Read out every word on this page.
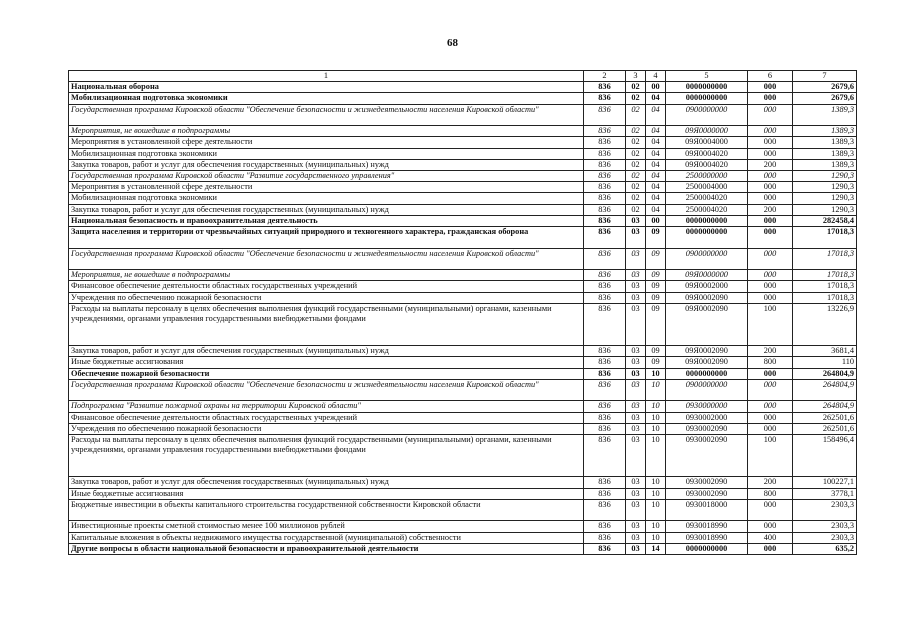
68
1	2	3	4	5	6	7
Национальная оборона	836	02	00	0000000000	000	2679,6
Мобилизационная подготовка экономики	836	02	04	0000000000	000	2679,6
Государственная программа Кировской области "Обеспечение безопасности и жизнедеятельности населения Кировской области"	836	02	04	0900000000	000	1389,3
Мероприятия, не вошедшие в подпрограммы	836	02	04	09Я0000000	000	1389,3
Мероприятия в установленной сфере деятельности	836	02	04	09Я0004000	000	1389,3
Мобилизационная подготовка экономики	836	02	04	09Я0004020	000	1389,3
Закупка товаров, работ и услуг для обеспечения государственных (муниципальных) нужд	836	02	04	09Я0004020	200	1389,3
Государственная программа Кировской области "Развитие государственного управления"	836	02	04	2500000000	000	1290,3
Мероприятия в установленной сфере деятельности	836	02	04	2500004000	000	1290,3
Мобилизационная подготовка экономики	836	02	04	2500004020	000	1290,3
Закупка товаров, работ и услуг для обеспечения государственных (муниципальных) нужд	836	02	04	2500004020	200	1290,3
Национальная безопасность и правоохранительная деятельность	836	03	00	0000000000	000	282458,4
Защита населения и территории от чрезвычайных ситуаций природного и техногенного характера, гражданская оборона	836	03	09	0000000000	000	17018,3
Государственная программа Кировской области "Обеспечение безопасности и жизнедеятельности населения Кировской области"	836	03	09	0900000000	000	17018,3
Мероприятия, не вошедшие в подпрограммы	836	03	09	09Я0000000	000	17018,3
Финансовое обеспечение деятельности областных государственных учреждений	836	03	09	09Я0002000	000	17018,3
Учреждения по обеспечению пожарной безопасности	836	03	09	09Я0002090	000	17018,3
Расходы на выплаты персоналу в целях обеспечения выполнения функций государственными (муниципальными) органами, казенными учреждениями, органами управления государственными внебюджетными фондами	836	03	09	09Я0002090	100	13226,9
Закупка товаров, работ и услуг для обеспечения государственных (муниципальных) нужд	836	03	09	09Я0002090	200	3681,4
Иные бюджетные ассигнования	836	03	09	09Я0002090	800	110
Обеспечение пожарной безопасности	836	03	10	0000000000	000	264804,9
Государственная программа Кировской области "Обеспечение безопасности и жизнедеятельности населения Кировской области"	836	03	10	0900000000	000	264804,9
Подпрограмма "Развитие пожарной охраны на территории Кировской области"	836	03	10	0930000000	000	264804,9
Финансовое обеспечение деятельности областных государственных учреждений	836	03	10	0930002000	000	262501,6
Учреждения по обеспечению пожарной безопасности	836	03	10	0930002090	000	262501,6
Расходы на выплаты персоналу в целях обеспечения выполнения функций государственными (муниципальными) органами, казенными учреждениями, органами управления государственными внебюджетными фондами	836	03	10	0930002090	100	158496,4
Закупка товаров, работ и услуг для обеспечения государственных (муниципальных) нужд	836	03	10	0930002090	200	100227,1
Иные бюджетные ассигнования	836	03	10	0930002090	800	3778,1
Бюджетные инвестиции в объекты капитального строительства государственной собственности Кировской области	836	03	10	0930018000	000	2303,3
Инвестиционные проекты сметной стоимостью менее 100 миллионов рублей	836	03	10	0930018990	000	2303,3
Капитальные вложения в объекты недвижимого имущества государственной (муниципальной) собственности	836	03	10	0930018990	400	2303,3
Другие вопросы в области национальной безопасности и правоохранительной деятельности	836	03	14	0000000000	000	635,2
